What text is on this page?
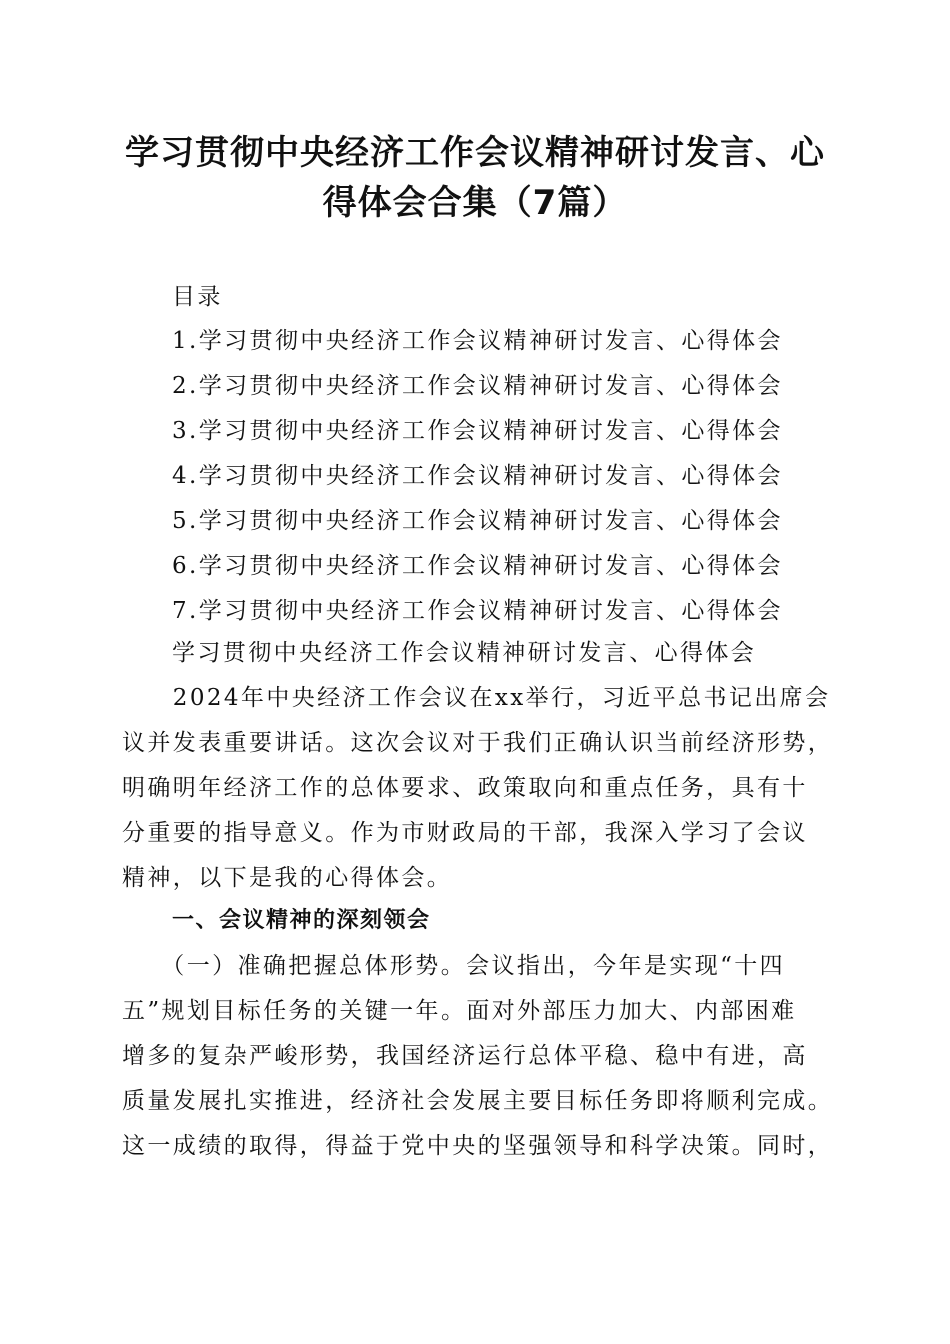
学习贯彻中央经济工作会议精神研讨发言、心
得体会合集（7篇）
目录
1.学习贯彻中央经济工作会议精神研讨发言、心得体会
2.学习贯彻中央经济工作会议精神研讨发言、心得体会
3.学习贯彻中央经济工作会议精神研讨发言、心得体会
4.学习贯彻中央经济工作会议精神研讨发言、心得体会
5.学习贯彻中央经济工作会议精神研讨发言、心得体会
6.学习贯彻中央经济工作会议精神研讨发言、心得体会
7.学习贯彻中央经济工作会议精神研讨发言、心得体会
学习贯彻中央经济工作会议精神研讨发言、心得体会

　　2024年中央经济工作会议在xx举行，习近平总书记出席会
议并发表重要讲话。这次会议对于我们正确认识当前经济形势，
明确明年经济工作的总体要求、政策取向和重点任务，具有十
分重要的指导意义。作为市财政局的干部，我深入学习了会议
精神，以下是我的心得体会。

一、会议精神的深刻领会

　　（一）准确把握总体形势。会议指出，今年是实现“十四
五”规划目标任务的关键一年。面对外部压力加大、内部困难
增多的复杂严峻形势，我国经济运行总体平稳、稳中有进，高
质量发展扎实推进，经济社会发展主要目标任务即将顺利完成。
这一成绩的取得，得益于党中央的坚强领导和科学决策。同时，
